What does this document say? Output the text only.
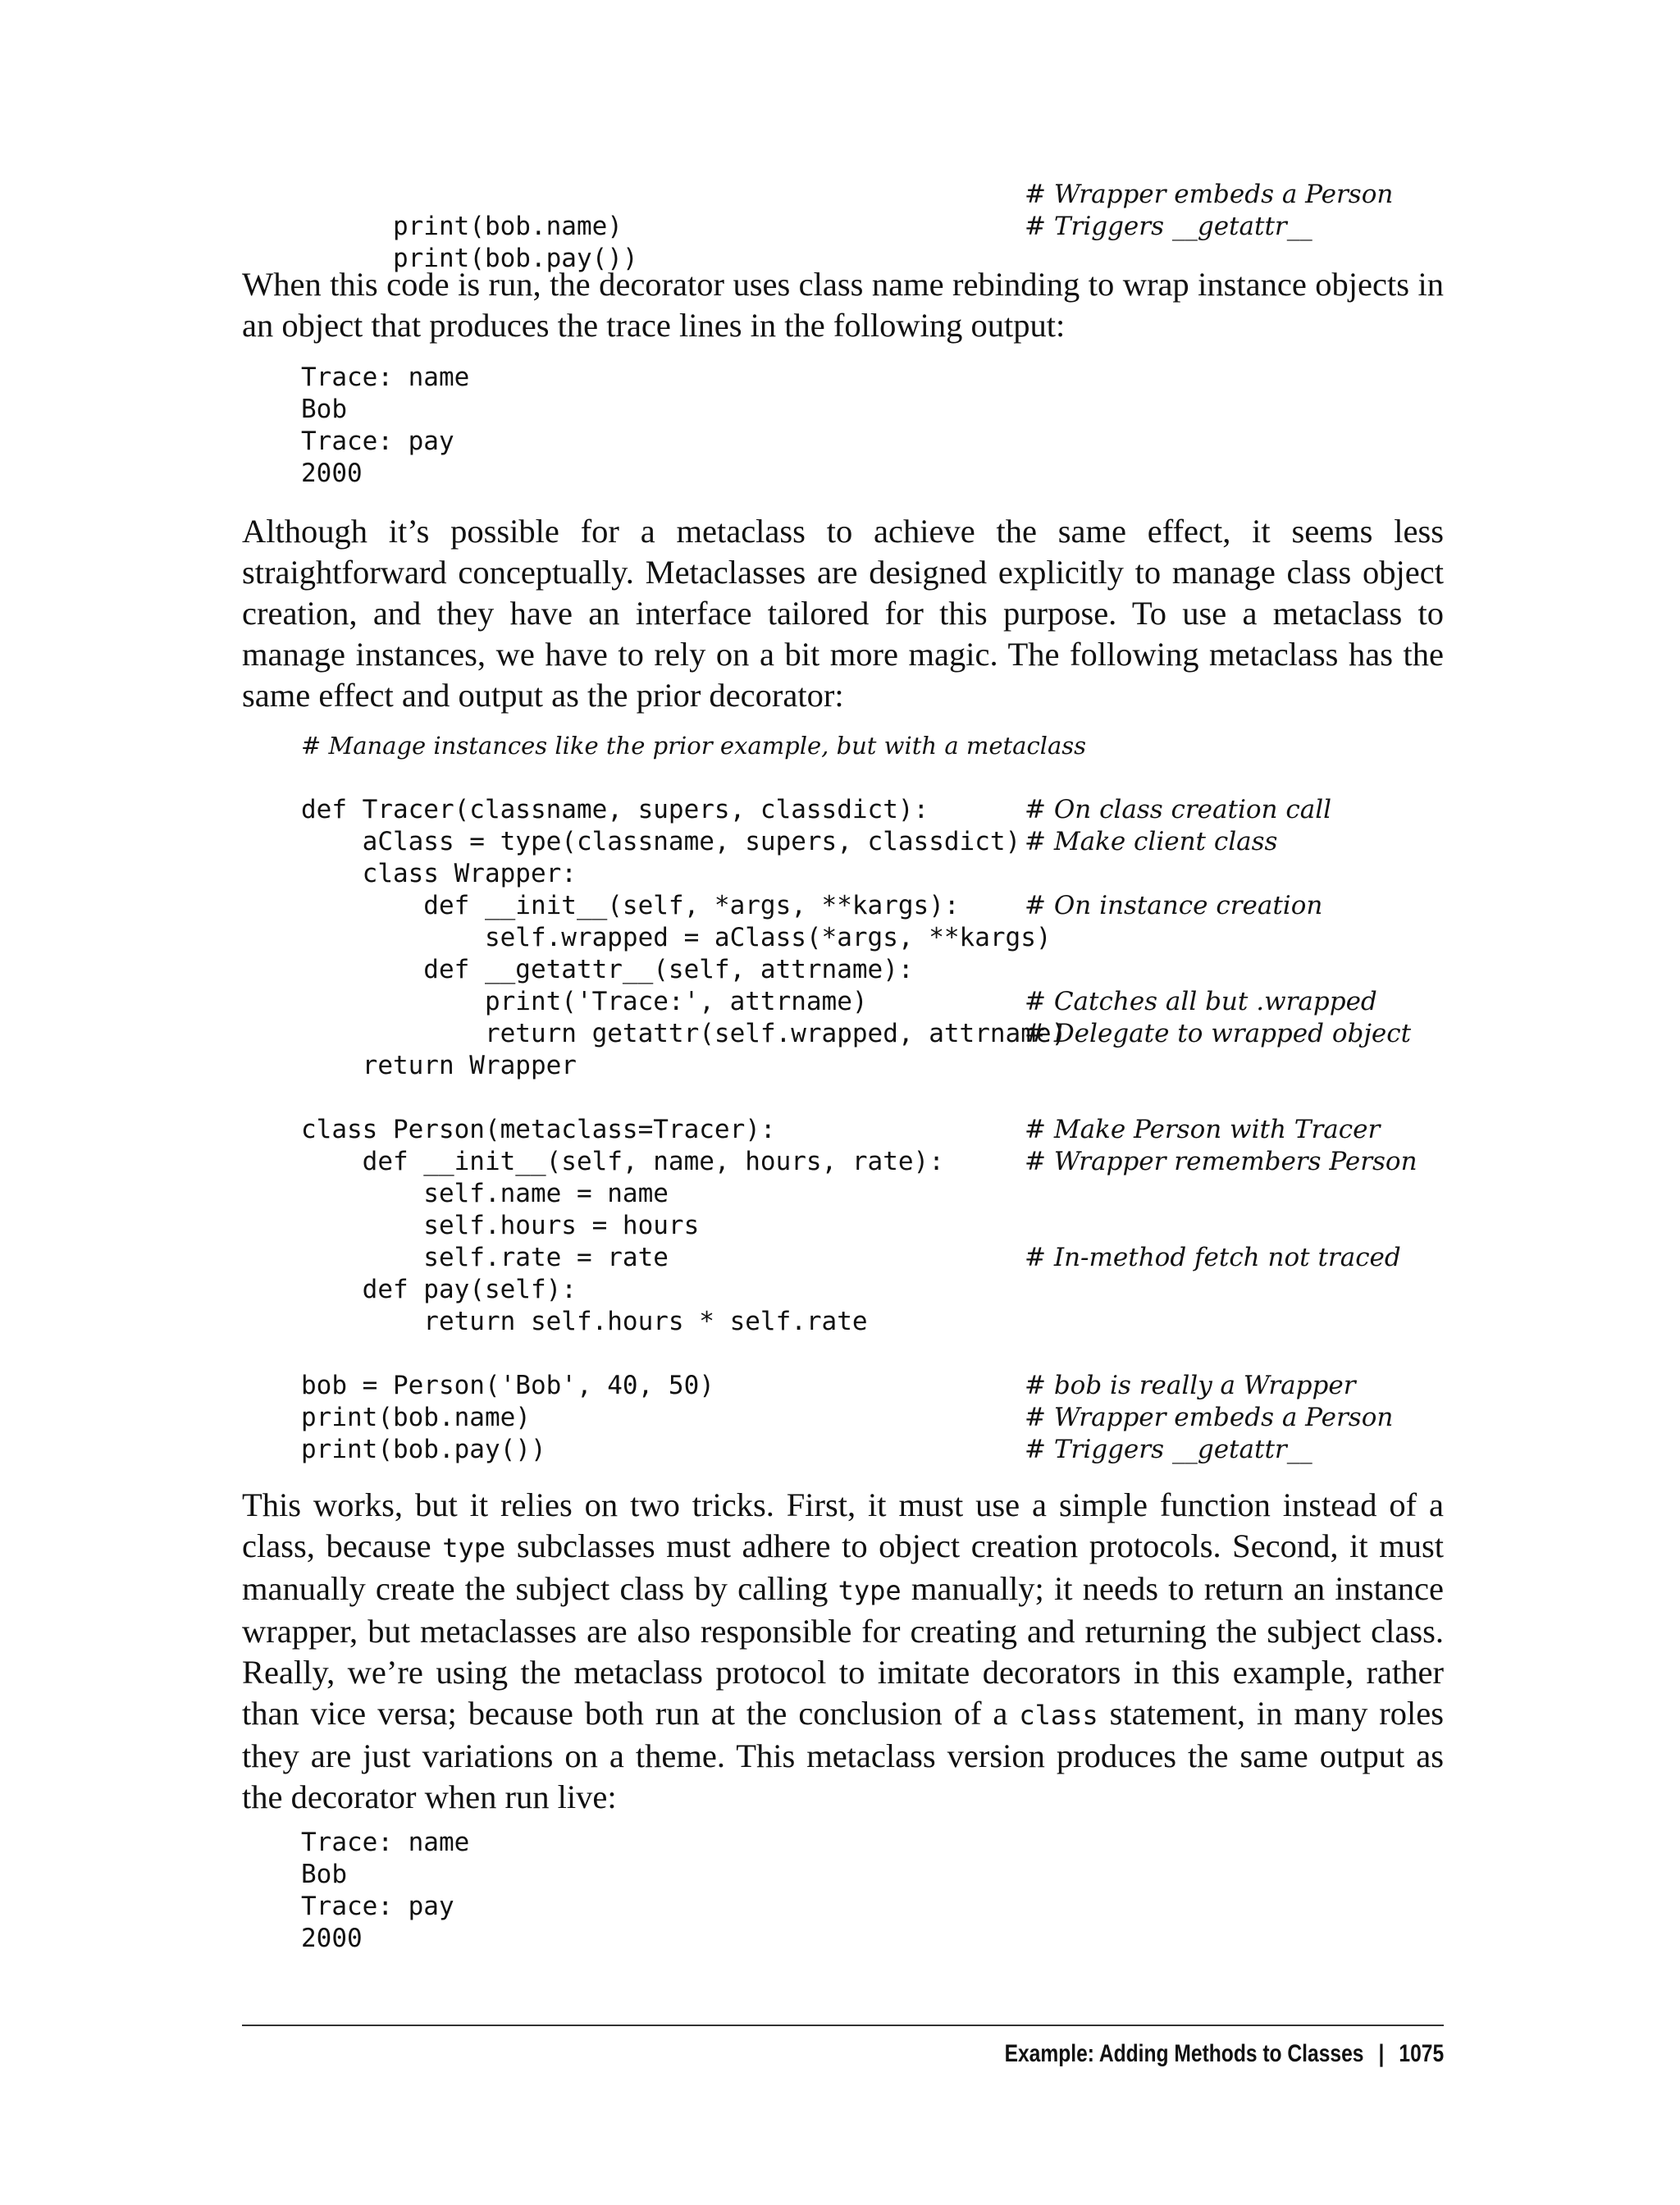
print(bob.name)
# Wrapper embeds a Person

print(bob.pay())
# Triggers __getattr__

When this code is run, the decorator uses class name rebinding to wrap instance objects in an object that produces the trace lines in the following output:

Trace: name
Bob
Trace: pay
2000

Although it’s possible for a metaclass to achieve the same effect, it seems less straightforward conceptually. Metaclasses are designed explicitly to manage class object creation, and they have an interface tailored for this purpose. To use a metaclass to manage instances, we have to rely on a bit more magic. The following metaclass has the same effect and output as the prior decorator:

# Manage instances like the prior example, but with a metaclass
def Tracer(classname, supers, classdict):	# On class creation call
aClass = type(classname, supers, classdict) # Make client class
class Wrapper:
def __init__(self, *args, **kargs):	# On instance creation
self.wrapped = aClass(*args, **kargs)
def __getattr__(self, attrname):
print('Trace:', attrname)	# Catches all but .wrapped
return getattr(self.wrapped, attrname)
# Delegate to wrapped object
return Wrapper
class Person(metaclass=Tracer):	# Make Person with Tracer
def __init__(self, name, hours, rate):	# Wrapper remembers Person
self.name = name
self.hours = hours
self.rate = rate	# In-method fetch not traced
def pay(self):
return self.hours * self.rate
bob = Person('Bob', 40, 50)	# bob is really a Wrapper
print(bob.name)	# Wrapper embeds a Person
print(bob.pay())	# Triggers __getattr__

This works, but it relies on two tricks. First, it must use a simple function instead of a class, because type subclasses must adhere to object creation protocols. Second, it must manually create the subject class by calling type manually; it needs to return an instance wrapper, but metaclasses are also responsible for creating and returning the subject class. Really, we’re using the metaclass protocol to imitate decorators in this example, rather than vice versa; because both run at the conclusion of a class statement, in many roles they are just variations on a theme. This metaclass version produces the same output as the decorator when run live:

Trace: name
Bob
Trace: pay
2000
Example: Adding Methods to Classes | 1075
